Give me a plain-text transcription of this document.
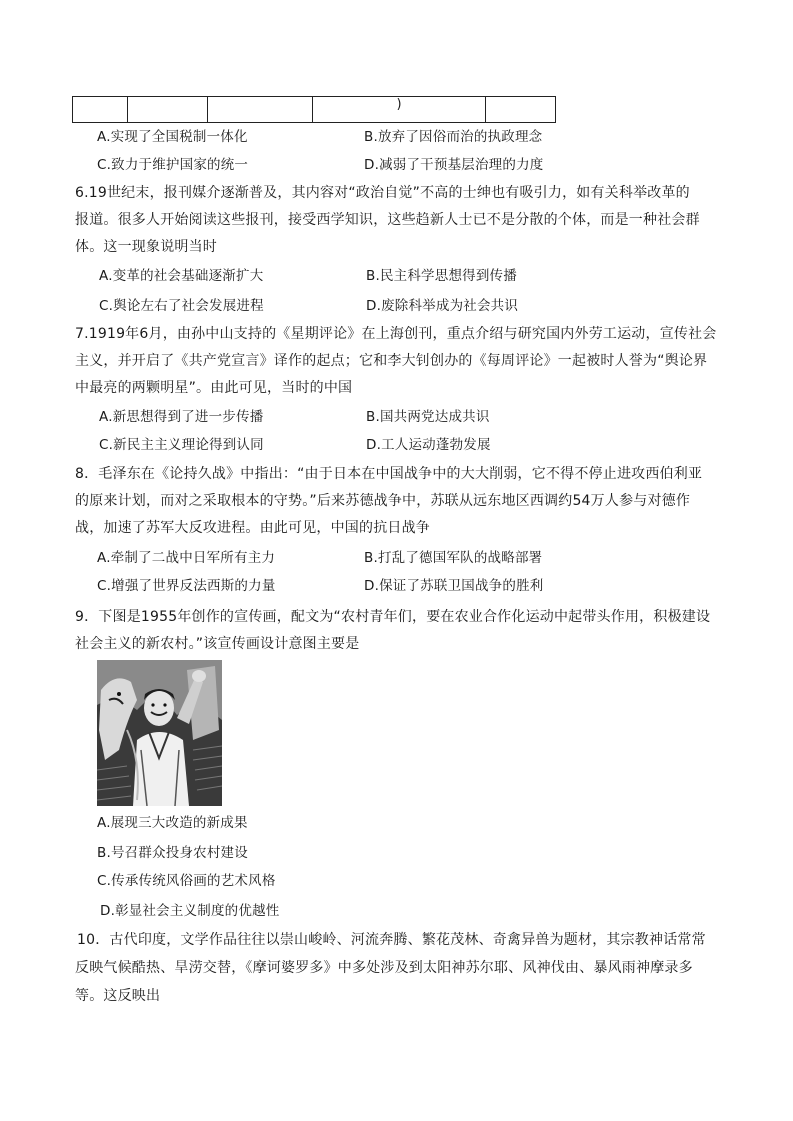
			)	
A.实现了全国税制一体化	B.放弃了因俗而治的执政理念
C.致力于维护国家的统一	D.减弱了干预基层治理的力度
6.19世纪末，报刊媒介逐渐普及，其内容对“政治自觉”不高的士绅也有吸引力，如有关科举改革的
报道。很多人开始阅读这些报刊，接受西学知识，这些趋新人士已不是分散的个体，而是一种社会群
体。这一现象说明当时
A.变革的社会基础逐渐扩大	B.民主科学思想得到传播
C.舆论左右了社会发展进程	D.废除科举成为社会共识
7.1919年6月，由孙中山支持的《星期评论》在上海创刊，重点介绍与研究国内外劳工运动，宣传社会
主义，并开启了《共产党宣言》译作的起点；它和李大钊创办的《每周评论》一起被时人誉为“舆论界
中最亮的两颗明星”。由此可见，当时的中国
A.新思想得到了进一步传播	B.国共两党达成共识
C.新民主主义理论得到认同	D.工人运动蓬勃发展
8．毛泽东在《论持久战》中指出：“由于日本在中国战争中的大大削弱，它不得不停止进攻西伯利亚
的原来计划，而对之采取根本的守势。”后来苏德战争中，苏联从远东地区西调约54万人参与对德作
战，加速了苏军大反攻进程。由此可见，中国的抗日战争
A.牵制了二战中日军所有主力	B.打乱了德国军队的战略部署
C.增强了世界反法西斯的力量	D.保证了苏联卫国战争的胜利
9．下图是1955年创作的宣传画，配文为“农村青年们，要在农业合作化运动中起带头作用，积极建设
社会主义的新农村。”该宣传画设计意图主要是
A.展现三大改造的新成果
B.号召群众投身农村建设
C.传承传统风俗画的艺术风格
D.彰显社会主义制度的优越性
10．古代印度，文学作品往往以崇山峻岭、河流奔腾、繁花茂林、奇禽异兽为题材，其宗教神话常常
反映气候酷热、旱涝交替，《摩诃婆罗多》中多处涉及到太阳神苏尔耶、风神伐由、暴风雨神摩录多
等。这反映出
